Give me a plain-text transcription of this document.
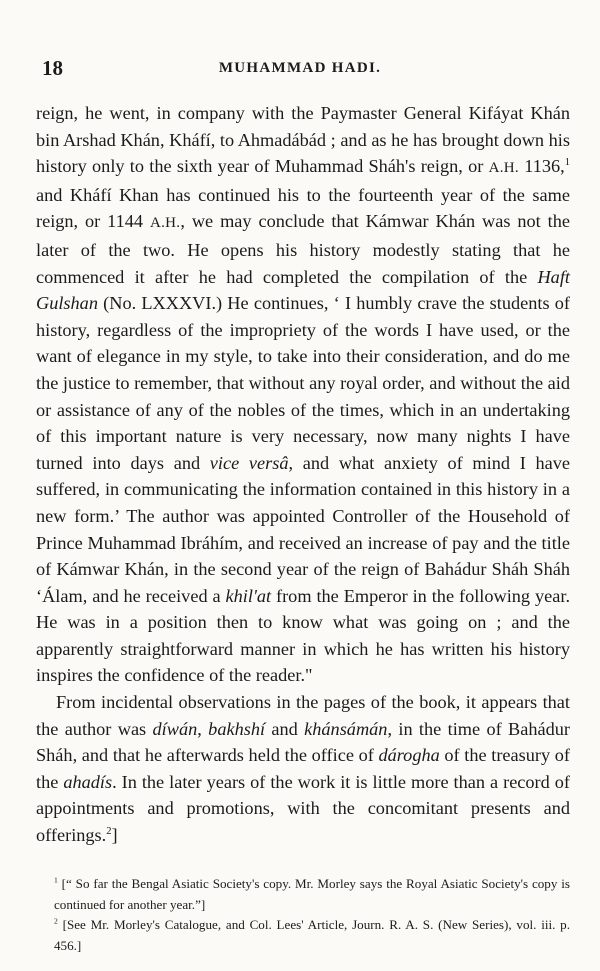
18	MUHAMMAD HADI.

reign, he went, in company with the Paymaster General Kifáyat Khán bin Arshad Khán, Kháfí, to Ahmadábád ; and as he has brought down his history only to the sixth year of Muhammad Sháh's reign, or A.H. 1136,$^1$ and Kháfí Khan has continued his to the fourteenth year of the same reign, or 1144 A.H., we may conclude that Kámwar Khán was not the later of the two. He opens his history modestly stating that he commenced it after he had completed the compilation of the Haft Gulshan (No. LXXXVI.) He continues, ‘ I humbly crave the students of history, regardless of the impropriety of the words I have used, or the want of elegance in my style, to take into their consideration, and do me the justice to remember, that without any royal order, and without the aid or assistance of any of the nobles of the times, which in an undertaking of this important nature is very necessary, now many nights I have turned into days and vice versâ, and what anxiety of mind I have suffered, in communicating the information contained in this history in a new form.’ The author was appointed Controller of the Household of Prince Muhammad Ibráhím, and received an increase of pay and the title of Kámwar Khán, in the second year of the reign of Bahádur Sháh Sháh ‘Álam, and he received a khil'at from the Emperor in the following year. He was in a position then to know what was going on ; and the apparently straightforward manner in which he has written his history inspires the confidence of the reader."

From incidental observations in the pages of the book, it appears that the author was díwán, bakhshí and khánsámán, in the time of Bahádur Sháh, and that he afterwards held the office of dárogha of the treasury of the ahadís. In the later years of the work it is little more than a record of appointments and promotions, with the concomitant presents and offerings.$^2$]

$^1$ [“ So far the Bengal Asiatic Society's copy. Mr. Morley says the Royal Asiatic Society's copy is continued for another year.”]

$^2$ [See Mr. Morley's Catalogue, and Col. Lees' Article, Journ. R. A. S. (New Series), vol. iii. p. 456.]
